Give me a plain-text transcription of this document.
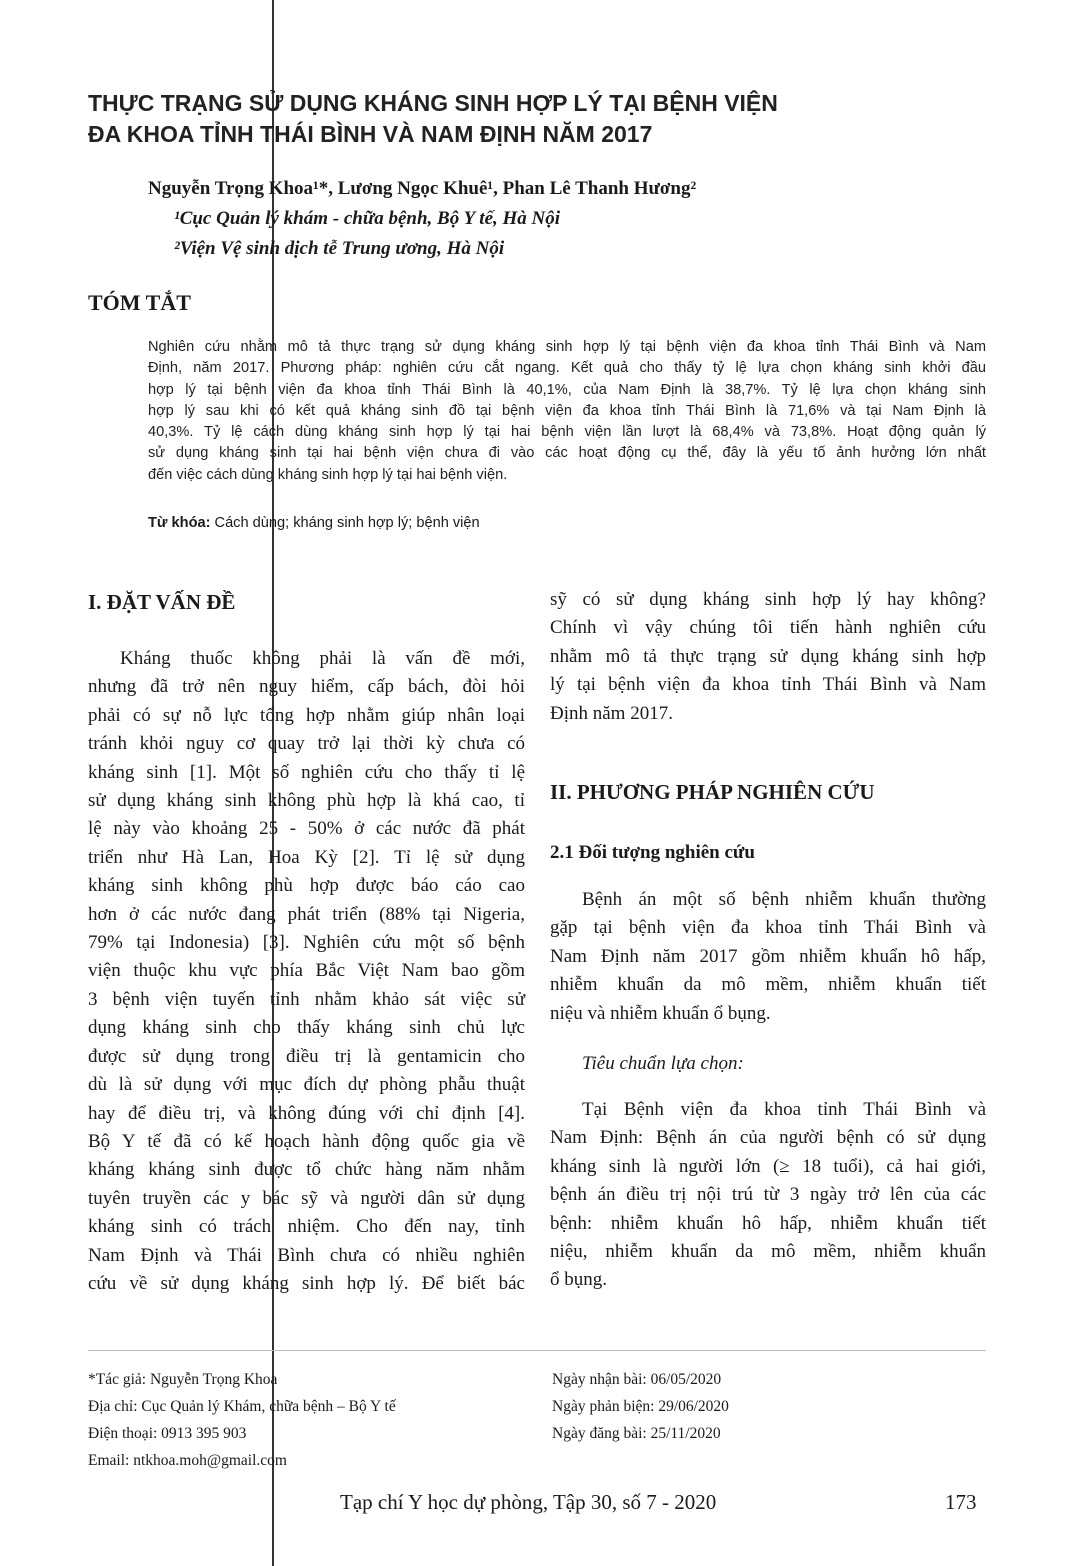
THỰC TRẠNG SỬ DỤNG KHÁNG SINH HỢP LÝ TẠI BỆNH VIỆN
ĐA KHOA TỈNH THÁI BÌNH VÀ NAM ĐỊNH NĂM 2017
Nguyễn Trọng Khoa¹*, Lương Ngọc Khuê¹, Phan Lê Thanh Hương²
¹Cục Quản lý khám - chữa bệnh, Bộ Y tế, Hà Nội
²Viện Vệ sinh dịch tễ Trung ương, Hà Nội
TÓM TẮT
Nghiên cứu nhằm mô tả thực trạng sử dụng kháng sinh hợp lý tại bệnh viện đa khoa tỉnh Thái Bình và Nam
Định, năm 2017. Phương pháp: nghiên cứu cắt ngang. Kết quả cho thấy tỷ lệ lựa chọn kháng sinh khởi đầu
hợp lý tại bệnh viện đa khoa tỉnh Thái Bình là 40,1%, của Nam Định là 38,7%. Tỷ lệ lựa chọn kháng sinh
hợp lý sau khi có kết quả kháng sinh đồ tại bệnh viện đa khoa tỉnh Thái Bình là 71,6% và tại Nam Định là
40,3%. Tỷ lệ cách dùng kháng sinh hợp lý tại hai bệnh viện lần lượt là 68,4% và 73,8%. Hoạt động quản lý
sử dụng kháng sinh tại hai bệnh viện chưa đi vào các hoạt động cụ thể, đây là yếu tố ảnh hưởng lớn nhất
đến việc cách dùng kháng sinh hợp lý tại hai bệnh viện.
Từ khóa: Cách dùng; kháng sinh hợp lý; bệnh viện
I. ĐẶT VẤN ĐỀ
Kháng thuốc không phải là vấn đề mới,
nhưng đã trở nên nguy hiểm, cấp bách, đòi hỏi
phải có sự nỗ lực tổng hợp nhằm giúp nhân loại
tránh khỏi nguy cơ quay trở lại thời kỳ chưa có
kháng sinh [1]. Một số nghiên cứu cho thấy tỉ lệ
sử dụng kháng sinh không phù hợp là khá cao, tỉ
lệ này vào khoảng 25 - 50% ở các nước đã phát
triển như Hà Lan, Hoa Kỳ [2]. Tỉ lệ sử dụng
kháng sinh không phù hợp được báo cáo cao
hơn ở các nước đang phát triển (88% tại Nigeria,
79% tại Indonesia) [3]. Nghiên cứu một số bệnh
viện thuộc khu vực phía Bắc Việt Nam bao gồm
3 bệnh viện tuyến tỉnh nhằm khảo sát việc sử
dụng kháng sinh cho thấy kháng sinh chủ lực
được sử dụng trong điều trị là gentamicin cho
dù là sử dụng với mục đích dự phòng phẫu thuật
hay để điều trị, và không đúng với chỉ định [4].
Bộ Y tế đã có kế hoạch hành động quốc gia về
kháng kháng sinh được tổ chức hàng năm nhằm
tuyên truyền các y bác sỹ và người dân sử dụng
kháng sinh có trách nhiệm. Cho đến nay, tỉnh
Nam Định và Thái Bình chưa có nhiều nghiên
cứu về sử dụng kháng sinh hợp lý. Để biết bác
sỹ có sử dụng kháng sinh hợp lý hay không?
Chính vì vậy chúng tôi tiến hành nghiên cứu
nhằm mô tả thực trạng sử dụng kháng sinh hợp
lý tại bệnh viện đa khoa tỉnh Thái Bình và Nam
Định năm 2017.
II. PHƯƠNG PHÁP NGHIÊN CỨU
2.1 Đối tượng nghiên cứu
Bệnh án một số bệnh nhiễm khuẩn thường
gặp tại bệnh viện đa khoa tỉnh Thái Bình và
Nam Định năm 2017 gồm nhiễm khuẩn hô hấp,
nhiễm khuẩn da mô mềm, nhiễm khuẩn tiết
niệu và nhiễm khuẩn ổ bụng.
Tiêu chuẩn lựa chọn:
Tại Bệnh viện đa khoa tỉnh Thái Bình và
Nam Định: Bệnh án của người bệnh có sử dụng
kháng sinh là người lớn (≥ 18 tuổi), cả hai giới,
bệnh án điều trị nội trú từ 3 ngày trở lên của các
bệnh: nhiễm khuẩn hô hấp, nhiễm khuẩn tiết
niệu, nhiễm khuẩn da mô mềm, nhiễm khuẩn
ổ bụng.
*Tác giả: Nguyễn Trọng Khoa
Địa chỉ: Cục Quản lý Khám, chữa bệnh – Bộ Y tế
Điện thoại: 0913 395 903
Email: ntkhoa.moh@gmail.com
Ngày nhận bài: 06/05/2020
Ngày phản biện: 29/06/2020
Ngày đăng bài: 25/11/2020
Tạp chí Y học dự phòng, Tập 30, số 7 - 2020	173
